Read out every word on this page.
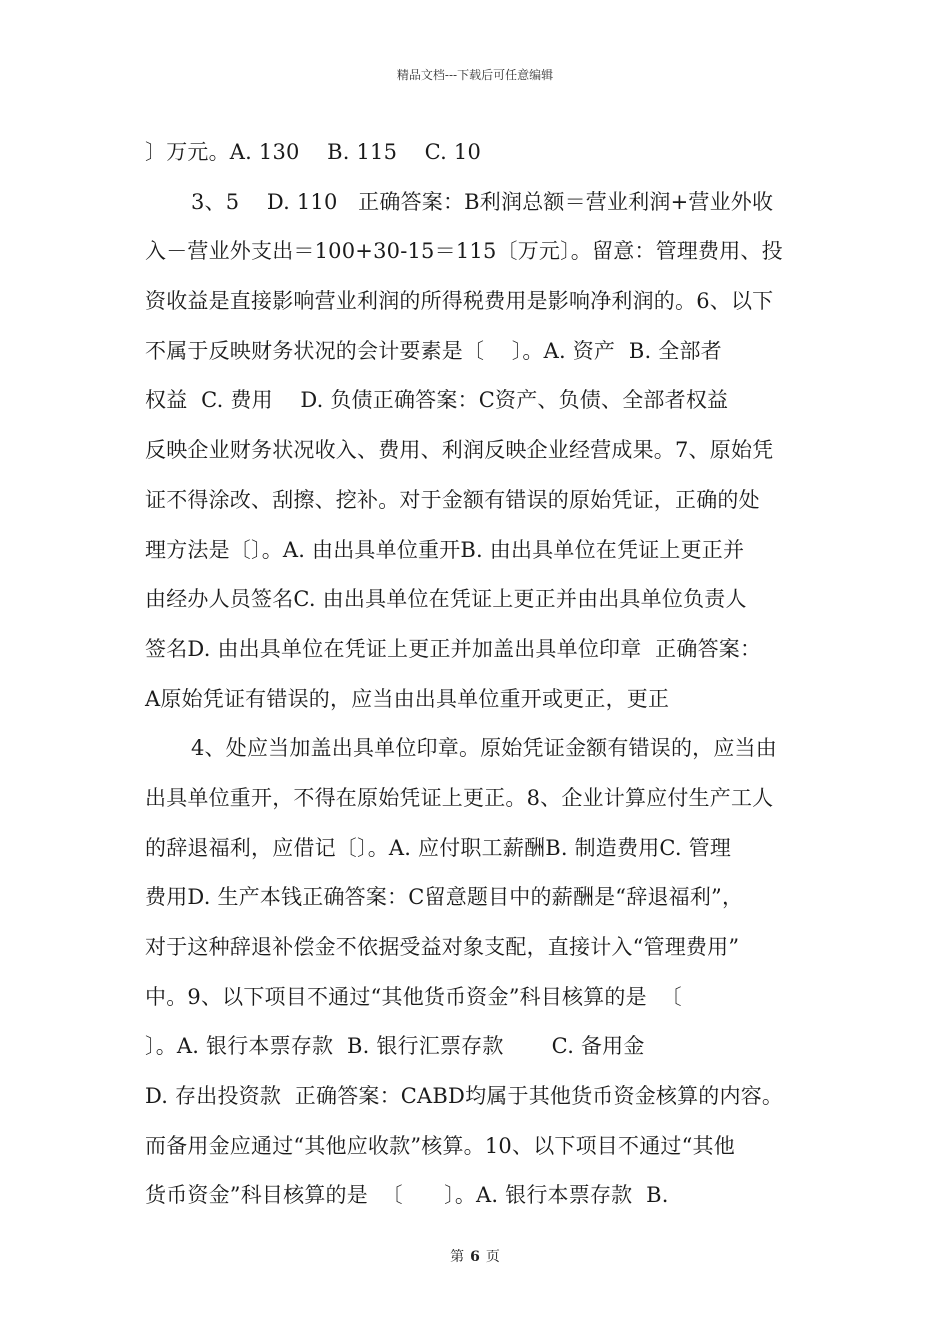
精品文档---下载后可任意编辑
〕万元。A. 130    B. 115    C. 10
3、5    D. 110   正确答案：B利润总额＝营业利润+营业外收
入－营业外支出＝100+30-15＝115〔万元〕。留意：管理费用、投
资收益是直接影响营业利润的所得税费用是影响净利润的。6、以下
不属于反映财务状况的会计要素是〔    〕。A. 资产  B. 全部者
权益  C. 费用    D. 负债正确答案：C资产、负债、全部者权益
反映企业财务状况收入、费用、利润反映企业经营成果。7、原始凭
证不得涂改、刮擦、挖补。对于金额有错误的原始凭证，正确的处
理方法是〔〕。A. 由出具单位重开B. 由出具单位在凭证上更正并
由经办人员签名C. 由出具单位在凭证上更正并由出具单位负责人
签名D. 由出具单位在凭证上更正并加盖出具单位印章  正确答案：
A原始凭证有错误的，应当由出具单位重开或更正，更正
4、处应当加盖出具单位印章。原始凭证金额有错误的，应当由
出具单位重开，不得在原始凭证上更正。8、企业计算应付生产工人
的辞退福利，应借记〔〕。A. 应付职工薪酬B. 制造费用C. 管理
费用D. 生产本钱正确答案：C留意题目中的薪酬是“辞退福利”，
对于这种辞退补偿金不依据受益对象支配，直接计入“管理费用”
中。9、以下项目不通过“其他货币资金”科目核算的是  〔
〕。A. 银行本票存款  B. 银行汇票存款       C. 备用金
D. 存出投资款  正确答案：CABD均属于其他货币资金核算的内容。
而备用金应通过“其他应收款”核算。10、以下项目不通过“其他
货币资金”科目核算的是  〔      〕。A. 银行本票存款  B.
第 6 页
